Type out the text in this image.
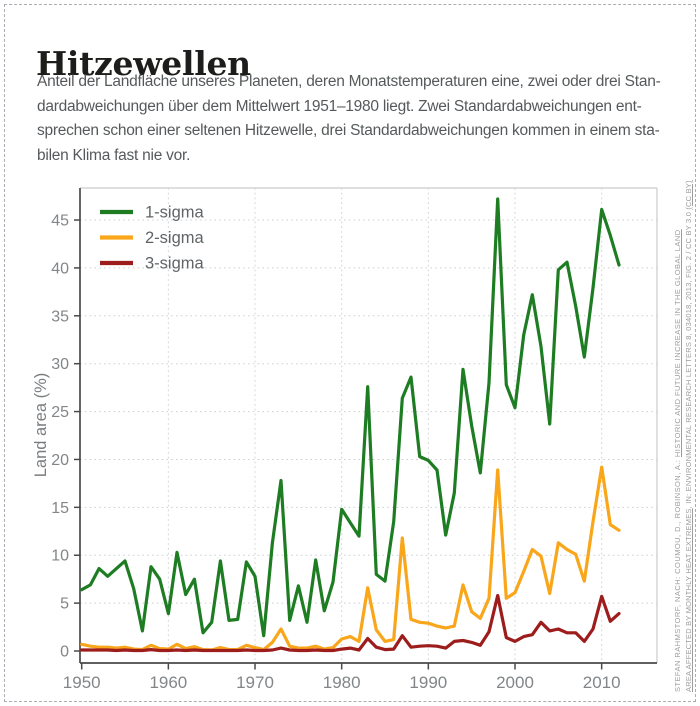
Hitzewellen
Anteil der Landfläche unseres Planeten, deren Monatstemperaturen eine, zwei oder drei Stan-
dardabweichungen über dem Mittelwert 1951–1980 liegt. Zwei Standardabweichungen ent-
sprechen schon einer seltenen Hitzewelle, drei Standardabweichungen kommen in einem sta-
bilen Klima fast nie vor.
0
5
10
15
20
25
30
35
40
45
1950	1960	1970	1980	1990	2000	2010
Land area (%)
1-sigma
2-sigma
3-sigma
STEFAN RAHMSTORF, NACH: COUMOU, D., ROBINSON, A.: HISTORIC AND FUTURE INCREASE IN THE GLOBAL LAND
AREA AFFECTED BY MONTHLY HEAT EXTREMES, IN: ENVIRONMENTAL RESEARCH LETTERS 8, 034018, 2013, FIG. 2 / CC BY 3.0 (CC BY)
